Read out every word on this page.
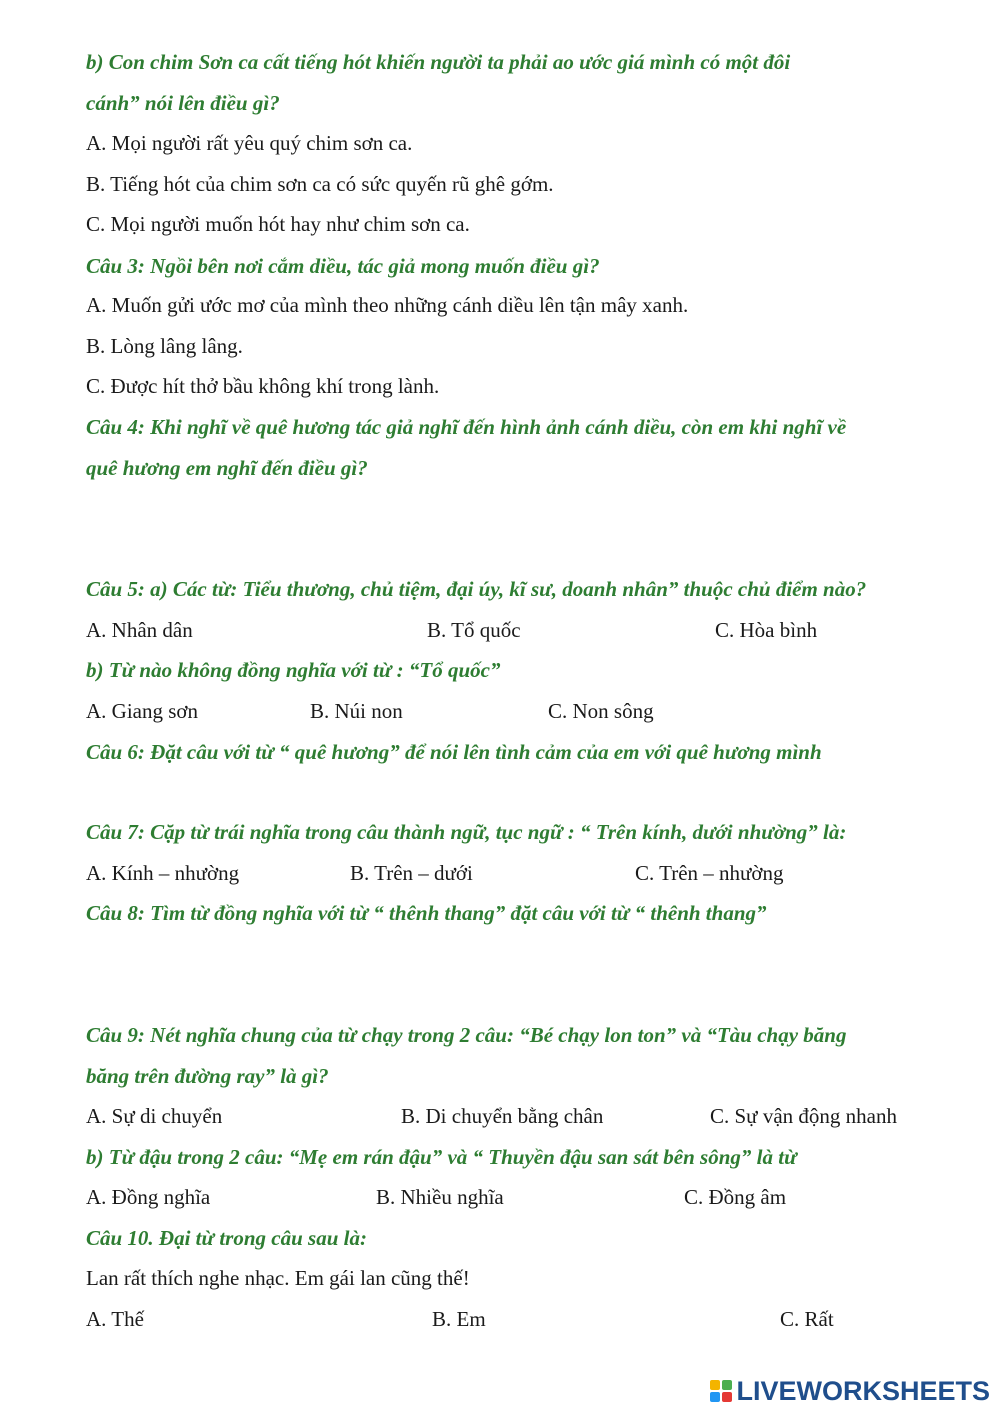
b) Con chim Sơn ca cất tiếng hót khiến người ta phải ao ước giá mình có một đôi
cánh” nói lên điều gì?
A. Mọi người rất yêu quý chim sơn ca.
B. Tiếng hót của chim sơn ca có sức quyến rũ ghê gớm.
C. Mọi người muốn hót hay như chim sơn ca.
Câu 3: Ngồi bên nơi cắm diều, tác giả mong muốn điều gì?
A. Muốn gửi ước mơ của mình theo những cánh diều lên tận mây xanh.
B. Lòng lâng lâng.
C. Được hít thở bầu không khí trong lành.
Câu 4: Khi nghĩ về quê hương tác giả nghĩ đến hình ảnh cánh diều, còn em khi nghĩ về
quê hương em nghĩ đến điều gì?
Câu 5: a) Các từ: Tiểu thương, chủ tiệm, đại úy, kĩ sư, doanh nhân” thuộc chủ điểm nào?
A. Nhân dân	B. Tổ quốc	C. Hòa bình
b) Từ nào không đồng nghĩa với từ : “Tổ quốc”
A. Giang sơn	B. Núi non	C. Non sông
Câu 6: Đặt câu với từ “ quê hương” để nói lên tình cảm của em với quê hương mình
Câu 7: Cặp từ trái nghĩa trong câu thành ngữ, tục ngữ : “ Trên kính, dưới nhường” là:
A. Kính – nhường	B. Trên – dưới	C. Trên – nhường
Câu 8: Tìm từ đồng nghĩa với từ “ thênh thang” đặt câu với từ “ thênh thang”
Câu 9: Nét nghĩa chung của từ chạy trong 2 câu: “Bé chạy lon ton” và “Tàu chạy băng
băng trên đường ray” là gì?
A. Sự di chuyển	B. Di chuyển bằng chân	C. Sự vận động nhanh
b) Từ đậu trong 2 câu: “Mẹ em rán đậu” và “ Thuyền đậu san sát bên sông” là từ
A. Đồng nghĩa	B. Nhiều nghĩa	C. Đồng âm
Câu 10. Đại từ trong câu sau là:
Lan rất thích nghe nhạc. Em gái lan cũng thế!
A. Thế	B. Em	C. Rất
LIVEWORKSHEETS
